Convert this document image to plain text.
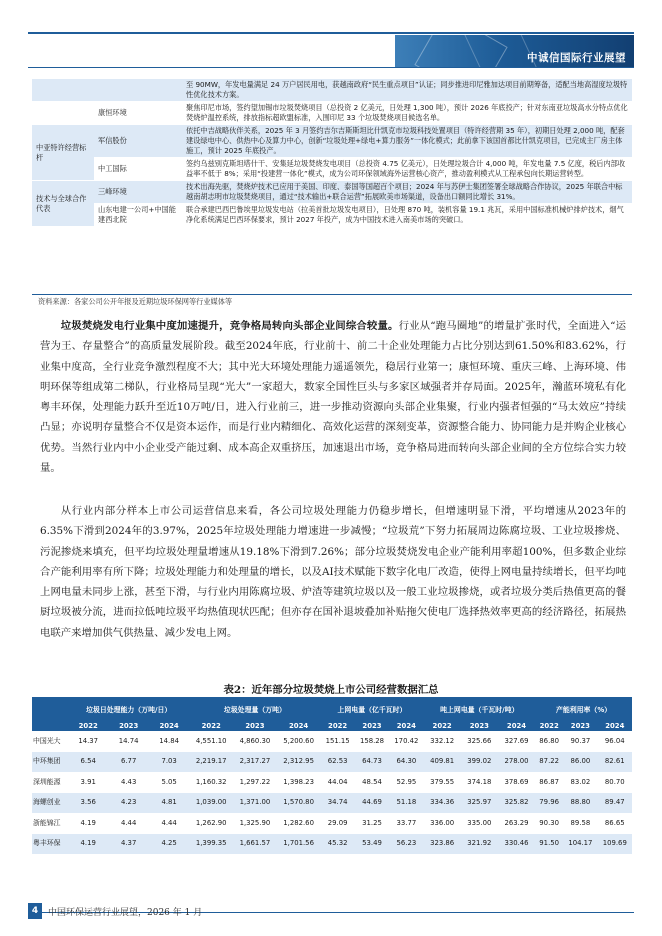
中诚信国际行业展望
		至 90MW，年发电量满足 24 万户居民用电，获越南政府“民生重点项目”认证；同步推进印尼雅加达项目前期筹备，适配当地高湿度垃圾特性优化技术方案。
	康恒环境	聚焦印尼市场，签约望加锡市垃圾焚烧项目（总投资 2 亿美元，日处理 1,300 吨），预计 2026 年底投产；针对东南亚垃圾高水分特点优化焚烧炉温控系统，排放指标超欧盟标准，入围印尼 33 个垃圾焚烧项目候选名单。
中亚特许经营标杆	军信股份	依托中吉战略伙伴关系，2025 年 3 月签约吉尔吉斯斯坦比什凯克市垃圾科技处置项目（特许经营期 35 年），初期日处理 2,000 吨，配套建设绿电中心、供热中心及算力中心，创新“垃圾处理+绿电+算力服务”一体化模式；此前拿下该国首都比什凯克项目，已完成主厂房主体施工，预计 2025 年底投产。
	中工国际	签约乌兹别克斯坦塔什干、安集延垃圾焚烧发电项目（总投资 4.75 亿美元），日处理垃圾合计 4,000 吨，年发电量 7.5 亿度，税后内部收益率不低于 8%；采用“投建营一体化”模式，成为公司环保领域海外运营核心资产，推动盈利模式从工程承包向长期运营转型。
技术与全球合作代表	三峰环境	技术出海先驱，焚烧炉技术已应用于美国、印度、泰国等国超百个项目；2024 年与苏伊士集团签署全球战略合作协议，2025 年联合中标越南胡志明市垃圾焚烧项目，通过“技术输出+联合运营”拓展欧美市场渠道，设备出口额同比增长 31%。
	山东电建一公司+中国能建西北院	联合承建巴西巴鲁埃里垃圾发电站（拉美首批垃圾发电项目），日处理 870 吨，装机容量 19.1 兆瓦，采用中国标准机械炉排炉技术，烟气净化系统满足巴西环保要求，预计 2027 年投产，成为中国技术进入南美市场的突破口。
资料来源：各家公司公开年报及近期垃圾环保网等行业媒体等

垃圾焚烧发电行业集中度加速提升，竞争格局转向头部企业间综合较量。行业从“跑马圈地”的增量扩张时代，全面进入“运营为王、存量整合”的高质量发展阶段。截至2024年底，行业前十、前二十企业处理能力占比分别达到61.50%和83.62%，行业集中度高，全行业竞争激烈程度不大；其中光大环境处理能力遥遥领先，稳居行业第一；康恒环境、重庆三峰、上海环境、伟明环保等组成第二梯队，行业格局呈现“光大”一家超大，数家全国性巨头与多家区域强者并存局面。2025年，瀚蓝环境私有化粤丰环保，处理能力跃升至近10万吨/日，进入行业前三，进一步推动资源向头部企业集聚，行业内强者恒强的“马太效应”持续凸显；亦说明存量整合不仅是资本运作，而是行业内精细化、高效化运营的深刻变革，资源整合能力、协同能力是并购企业核心优势。当然行业内中小企业受产能过剩、成本高企双重挤压，加速退出市场，竞争格局进而转向头部企业间的全方位综合实力较量。

从行业内部分样本上市公司运营信息来看，各公司垃圾处理能力仍稳步增长，但增速明显下滑，平均增速从2023年的6.35%下滑到2024年的3.97%，2025年垃圾处理能力增速进一步减慢；“垃圾荒”下努力拓展周边陈腐垃圾、工业垃圾掺烧、污泥掺烧来填充，但平均垃圾处理量增速从19.18%下滑到7.26%；部分垃圾焚烧发电企业产能利用率超100%，但多数企业综合产能利用率有所下降；垃圾处理能力和处理量的增长，以及AI技术赋能下数字化电厂改造，使得上网电量持续增长，但平均吨上网电量未同步上涨，甚至下滑，与行业内用陈腐垃圾、炉渣等建筑垃圾以及一般工业垃圾掺烧，或者垃圾分类后热值更高的餐厨垃圾被分流，进而拉低吨垃圾平均热值现状匹配；但亦存在国补退坡叠加补贴拖欠使电厂选择热效率更高的经济路径，拓展热电联产来增加供气供热量、减少发电上网。

表2：近年部分垃圾焚烧上市公司经营数据汇总
	垃圾日处理能力（万吨/日）			垃圾处理量（万吨）			上网电量（亿千瓦时）			吨上网电量（千瓦时/吨）			产能利用率（%）		
	2022	2023	2024	2022	2023	2024	2022	2023	2024	2022	2023	2024	2022	2023	2024
中国光大	14.37	14.74	14.84	4,551.10	4,860.30	5,200.60	151.15	158.28	170.42	332.12	325.66	327.69	86.80	90.37	96.04
中环集团	6.54	6.77	7.03	2,219.17	2,317.27	2,312.95	62.53	64.73	64.30	409.81	399.02	278.00	87.22	86.00	82.61
深圳能源	3.91	4.43	5.05	1,160.32	1,297.22	1,398.23	44.04	48.54	52.95	379.55	374.18	378.69	86.87	83.02	80.70
海螺创业	3.56	4.23	4.81	1,039.00	1,371.00	1,570.80	34.74	44.69	51.18	334.36	325.97	325.82	79.96	88.80	89.47
浙能锦江	4.19	4.44	4.44	1,262.90	1,325.90	1,282.60	29.09	31.25	33.77	336.00	335.00	263.29	90.30	89.58	86.65
粤丰环保	4.19	4.37	4.25	1,399.35	1,661.57	1,701.56	45.32	53.49	56.23	323.86	321.92	330.46	91.50	104.17	109.69
4	中国环保运营行业展望，2026 年 1 月
